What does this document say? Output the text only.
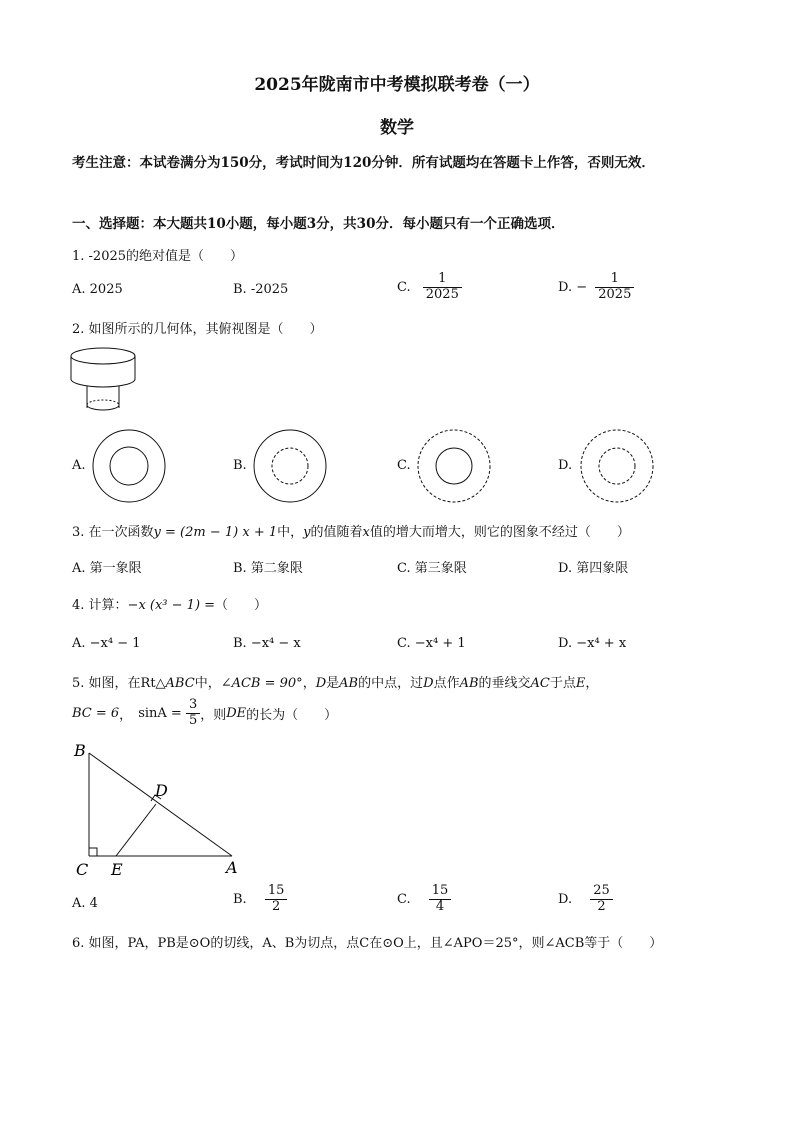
2025年陇南市中考模拟联考卷（一）
数学
考生注意：本试卷满分为150分，考试时间为120分钟．所有试题均在答题卡上作答，否则无效．
一、选择题：本大题共10小题，每小题3分，共30分．每小题只有一个正确选项．
1. -2025的绝对值是（　　）
A. 2025	B. -2025	C. $\frac{1}{2025}$	D. − $\frac{1}{2025}$
2. 如图所示的几何体，其俯视图是（　　）
A.	B.	C.	D.
3. 在一次函数y = (2m − 1) x + 1中，y的值随着x值的增大而增大，则它的图象不经过（　　）
A. 第一象限	B. 第二象限	C. 第三象限	D. 第四象限
4. 计算：−x (x³ − 1) =（　　）
A. −x⁴ − 1	B. −x⁴ − x	C. −x⁴ + 1	D. −x⁴ + x
5. 如图，在Rt△ABC中，∠ACB = 90°，D是AB的中点，过D点作AB的垂线交AC于点E，
BC = 6， $\sin A = \frac{3}{5}$ ，则DE的长为（　　）
B
C E	A
D
A. 4	B. $\frac{15}{2}$	C. $\frac{15}{4}$	D. $\frac{25}{2}$
6. 如图，PA，PB是⊙O的切线，A、B为切点，点C在⊙O上，且∠APO＝25°，则∠ACB等于（　　）
